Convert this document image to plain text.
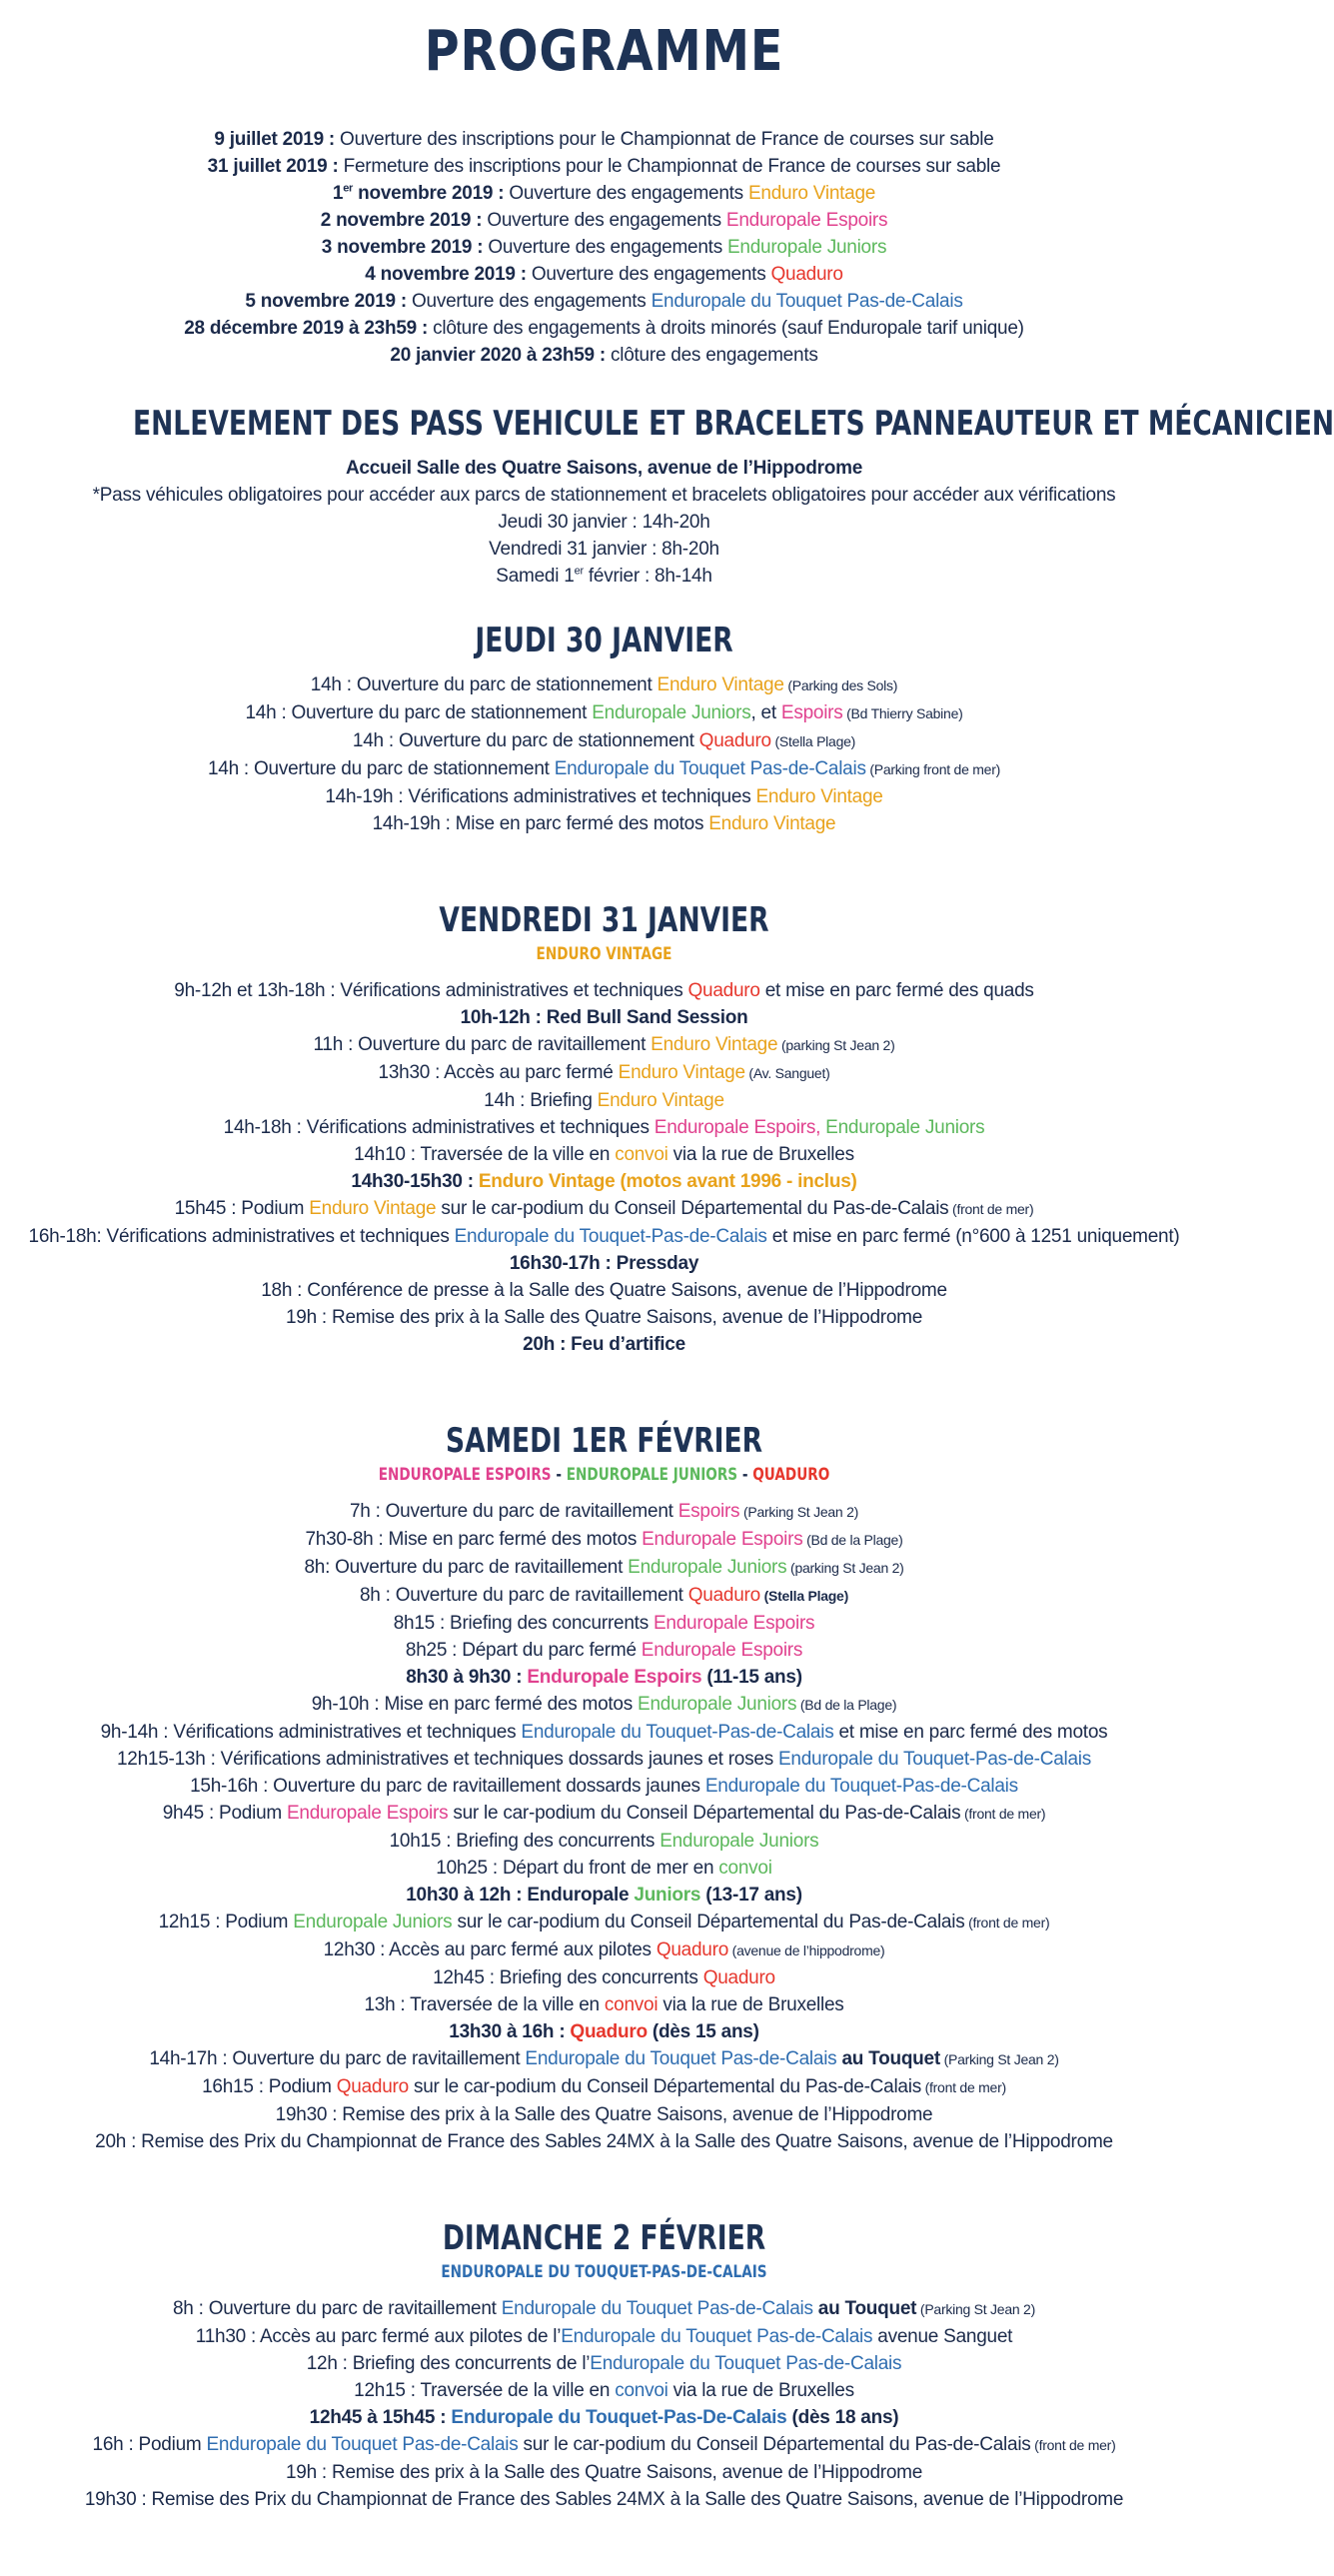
PROGRAMME
9 juillet 2019 : Ouverture des inscriptions pour le Championnat de France de courses sur sable
31 juillet 2019 : Fermeture des inscriptions pour le Championnat de France de courses sur sable
1er novembre 2019 : Ouverture des engagements Enduro Vintage
2 novembre 2019 : Ouverture des engagements Enduropale Espoirs
3 novembre 2019 : Ouverture des engagements Enduropale Juniors
4 novembre 2019 : Ouverture des engagements Quaduro
5 novembre 2019 : Ouverture des engagements Enduropale du Touquet Pas-de-Calais
28 décembre 2019 à 23h59 : clôture des engagements à droits minorés (sauf Enduropale tarif unique)
20 janvier 2020 à 23h59 : clôture des engagements
ENLEVEMENT DES PASS VEHICULE ET BRACELETS PANNEAUTEUR ET MÉCANICIEN
Accueil Salle des Quatre Saisons, avenue de l’Hippodrome
*Pass véhicules obligatoires pour accéder aux parcs de stationnement et bracelets obligatoires pour accéder aux vérifications
Jeudi 30 janvier : 14h-20h
Vendredi 31 janvier : 8h-20h
Samedi 1er février : 8h-14h
JEUDI 30 JANVIER
14h : Ouverture du parc de stationnement Enduro Vintage (Parking des Sols)
14h : Ouverture du parc de stationnement Enduropale Juniors, et Espoirs (Bd Thierry Sabine)
14h : Ouverture du parc de stationnement Quaduro (Stella Plage)
14h : Ouverture du parc de stationnement Enduropale du Touquet Pas-de-Calais (Parking front de mer)
14h-19h : Vérifications administratives et techniques Enduro Vintage
14h-19h : Mise en parc fermé des motos Enduro Vintage
VENDREDI 31 JANVIER
ENDURO VINTAGE
9h-12h et 13h-18h : Vérifications administratives et techniques Quaduro et mise en parc fermé des quads
10h-12h : Red Bull Sand Session
11h : Ouverture du parc de ravitaillement Enduro Vintage (parking St Jean 2)
13h30 : Accès au parc fermé Enduro Vintage (Av. Sanguet)
14h : Briefing Enduro Vintage
14h-18h : Vérifications administratives et techniques Enduropale Espoirs, Enduropale Juniors
14h10 : Traversée de la ville en convoi via la rue de Bruxelles
14h30-15h30 : Enduro Vintage (motos avant 1996 - inclus)
15h45 : Podium Enduro Vintage sur le car-podium du Conseil Départemental du Pas-de-Calais (front de mer)
16h-18h: Vérifications administratives et techniques Enduropale du Touquet-Pas-de-Calais et mise en parc fermé (n°600 à 1251 uniquement)
16h30-17h : Pressday
18h : Conférence de presse à la Salle des Quatre Saisons, avenue de l’Hippodrome
19h : Remise des prix à la Salle des Quatre Saisons, avenue de l’Hippodrome
20h : Feu d’artifice
SAMEDI 1ER FÉVRIER
ENDUROPALE ESPOIRS - ENDUROPALE JUNIORS - QUADURO
7h : Ouverture du parc de ravitaillement Espoirs (Parking St Jean 2)
7h30-8h : Mise en parc fermé des motos Enduropale Espoirs (Bd de la Plage)
8h: Ouverture du parc de ravitaillement Enduropale Juniors (parking St Jean 2)
8h : Ouverture du parc de ravitaillement Quaduro (Stella Plage)
8h15 : Briefing des concurrents Enduropale Espoirs
8h25 : Départ du parc fermé Enduropale Espoirs
8h30 à 9h30 : Enduropale Espoirs (11-15 ans)
9h-10h : Mise en parc fermé des motos Enduropale Juniors (Bd de la Plage)
9h-14h : Vérifications administratives et techniques Enduropale du Touquet-Pas-de-Calais et mise en parc fermé des motos
12h15-13h : Vérifications administratives et techniques dossards jaunes et roses Enduropale du Touquet-Pas-de-Calais
15h-16h : Ouverture du parc de ravitaillement dossards jaunes Enduropale du Touquet-Pas-de-Calais
9h45 : Podium Enduropale Espoirs sur le car-podium du Conseil Départemental du Pas-de-Calais (front de mer)
10h15 : Briefing des concurrents Enduropale Juniors
10h25 : Départ du front de mer en convoi
10h30 à 12h : Enduropale Juniors (13-17 ans)
12h15 : Podium Enduropale Juniors sur le car-podium du Conseil Départemental du Pas-de-Calais (front de mer)
12h30 : Accès au parc fermé aux pilotes Quaduro (avenue de l’hippodrome)
12h45 : Briefing des concurrents Quaduro
13h : Traversée de la ville en convoi via la rue de Bruxelles
13h30 à 16h : Quaduro (dès 15 ans)
14h-17h : Ouverture du parc de ravitaillement Enduropale du Touquet Pas-de-Calais au Touquet (Parking St Jean 2)
16h15 : Podium Quaduro sur le car-podium du Conseil Départemental du Pas-de-Calais (front de mer)
19h30 : Remise des prix à la Salle des Quatre Saisons, avenue de l’Hippodrome
20h : Remise des Prix du Championnat de France des Sables 24MX à la Salle des Quatre Saisons, avenue de l’Hippodrome
DIMANCHE 2 FÉVRIER
ENDUROPALE DU TOUQUET-PAS-DE-CALAIS
8h : Ouverture du parc de ravitaillement Enduropale du Touquet Pas-de-Calais au Touquet (Parking St Jean 2)
11h30 : Accès au parc fermé aux pilotes de l’Enduropale du Touquet Pas-de-Calais avenue Sanguet
12h : Briefing des concurrents de l’Enduropale du Touquet Pas-de-Calais
12h15 : Traversée de la ville en convoi via la rue de Bruxelles
12h45 à 15h45 : Enduropale du Touquet-Pas-De-Calais (dès 18 ans)
16h : Podium Enduropale du Touquet Pas-de-Calais sur le car-podium du Conseil Départemental du Pas-de-Calais (front de mer)
19h : Remise des prix à la Salle des Quatre Saisons, avenue de l’Hippodrome
19h30 : Remise des Prix du Championnat de France des Sables 24MX à la Salle des Quatre Saisons, avenue de l’Hippodrome
